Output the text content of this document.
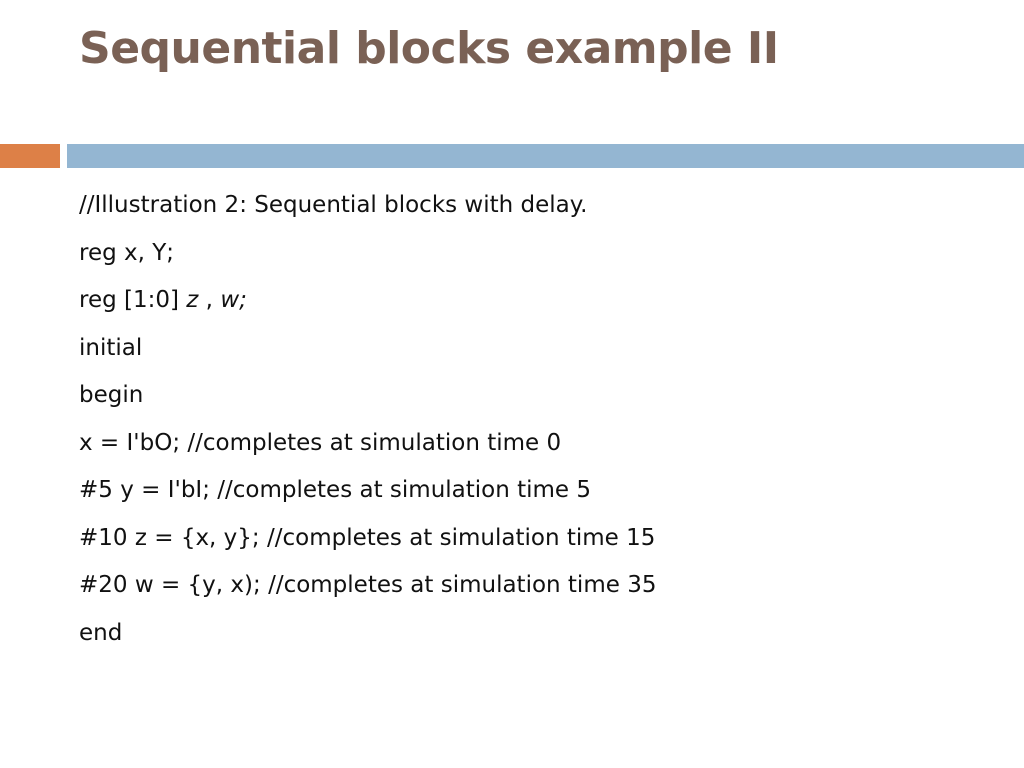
Sequential blocks example II
//Illustration 2: Sequential blocks with delay.
reg x, Y;
reg [1:0] z , w;
initial
begin
x = I'bO; //completes at simulation time 0
#5 y = I'bI; //completes at simulation time 5
#10 z = {x, y}; //completes at simulation time 15
#20 w = {y, x); //completes at simulation time 35
end
